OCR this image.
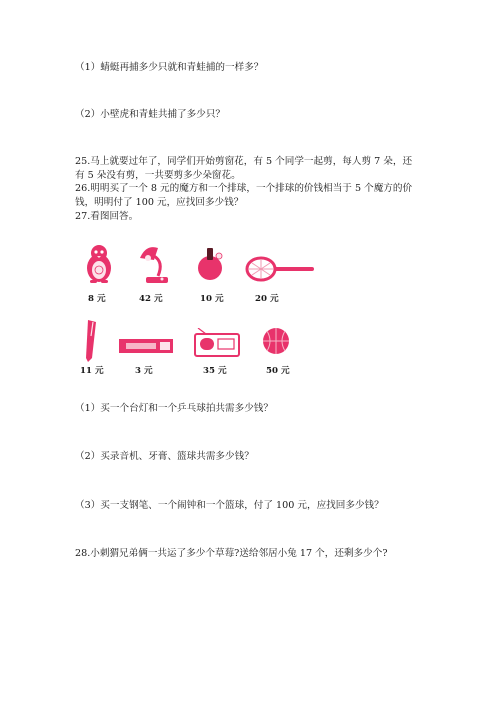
（1）蜻蜓再捕多少只就和青蛙捕的一样多？
（2）小壁虎和青蛙共捕了多少只？
25.马上就要过年了，同学们开始剪窗花，有 5 个同学一起剪，每人剪 7 朵，还
有 5 朵没有剪，一共要剪多少朵窗花。
26.明明买了一个 8 元的魔方和一个排球，一个排球的价钱相当于 5 个魔方的价
钱，明明付了 100 元，应找回多少钱？
27.看图回答。
8 元	42 元	10 元	20 元
11 元	3 元	35 元	50 元
（1）买一个台灯和一个乒乓球拍共需多少钱？
（2）买录音机、牙膏、篮球共需多少钱？
（3）买一支钢笔、一个闹钟和一个篮球，付了 100 元，应找回多少钱？
28.小刺猬兄弟俩一共运了多少个草莓?送给邻居小兔 17 个，还剩多少个?
